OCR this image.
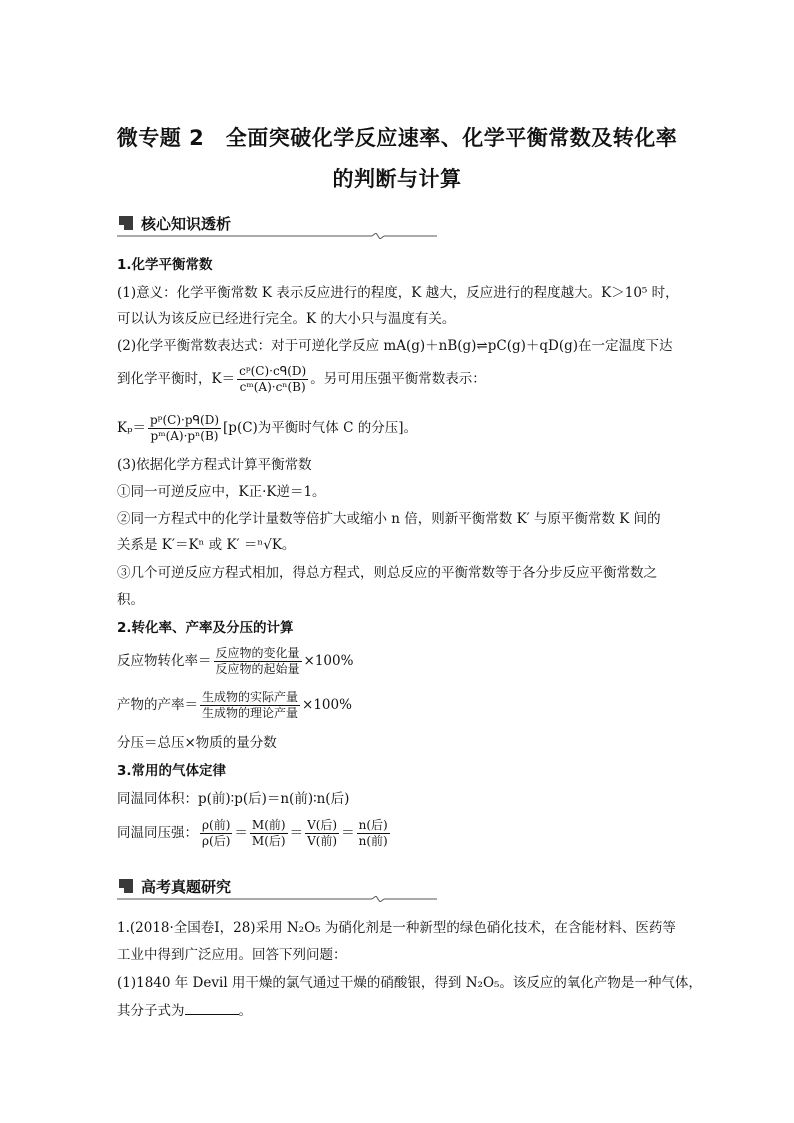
微专题 2　全面突破化学反应速率、化学平衡常数及转化率
的判断与计算
核心知识透析
1.化学平衡常数
(1)意义：化学平衡常数 K 表示反应进行的程度，K 越大，反应进行的程度越大。K＞10⁵ 时，
可以认为该反应已经进行完全。K 的大小只与温度有关。
(2)化学平衡常数表达式：对于可逆化学反应 mA(g)＋nB(g)⇌pC(g)＋qD(g)在一定温度下达
到化学平衡时，$K= \frac{\text{cᵖ(C)·cᑫ(D)}}{\text{cᵐ(A)·cⁿ(B)}}$ 。另可用压强平衡常数表示：
$K_p= \frac{\text{pᵖ(C)·pᑫ(D)}}{\text{pᵐ(A)·pⁿ(B)}} [p(C)$为平衡时气体 C 的分压]。
(3)依据化学方程式计算平衡常数
①同一可逆反应中，K正·K逆＝1。
②同一方程式中的化学计量数等倍扩大或缩小 n 倍，则新平衡常数 K′ 与原平衡常数 K 间的
关系是 K′＝Kⁿ 或 K′ ＝ⁿ√K。
③几个可逆反应方程式相加，得总方程式，则总反应的平衡常数等于各分步反应平衡常数之
积。
2.转化率、产率及分压的计算
反应物转化率＝ $\frac{\text{反应物的变化量}}{\text{反应物的起始量}} \times 100\%$
产物的产率＝ $\frac{\text{生成物的实际产量}}{\text{生成物的理论产量}} \times 100\%$
分压＝总压×物质的量分数
3.常用的气体定律
同温同体积：p(前)∶p(后)＝n(前)∶n(后)
同温同压强： $\frac{\text{ρ(前)}}{\text{ρ(后)}} = \frac{\text{M(前)}}{\text{M(后)}} = \frac{\text{V(后)}}{\text{V(前)}} = \frac{\text{n(后)}}{\text{n(前)}}$
高考真题研究
1.(2018·全国卷Ⅰ，28)采用 N₂O₅ 为硝化剂是一种新型的绿色硝化技术，在含能材料、医药等
工业中得到广泛应用。回答下列问题：
(1)1840 年 Devil 用干燥的氯气通过干燥的硝酸银，得到 N₂O₅。该反应的氧化产物是一种气体，
其分子式为	。
